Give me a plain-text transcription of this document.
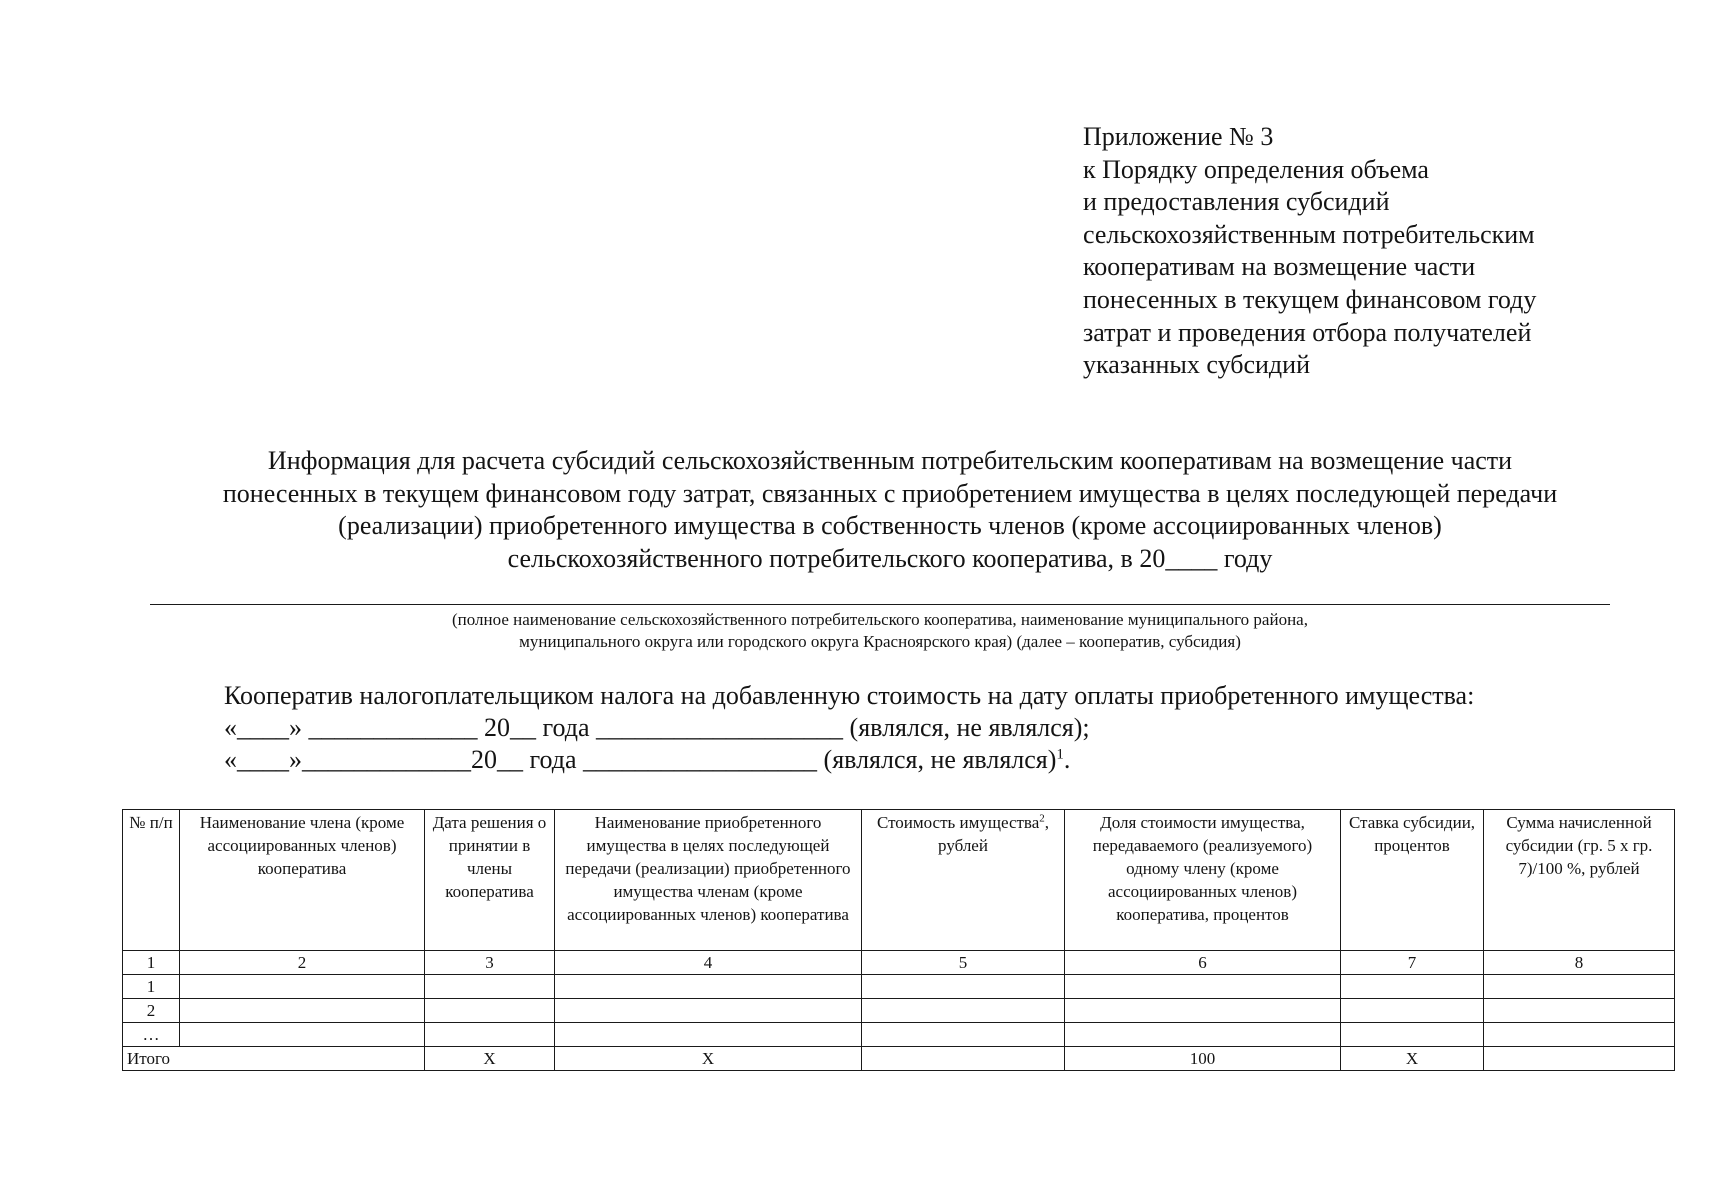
Приложение № 3
к Порядку определения объема
и предоставления субсидий
сельскохозяйственным потребительским
кооперативам на возмещение части
понесенных в текущем финансовом году
затрат и проведения отбора получателей
указанных субсидий
Информация для расчета субсидий сельскохозяйственным потребительским кооперативам на возмещение части
понесенных в текущем финансовом году затрат, связанных с приобретением имущества в целях последующей передачи
(реализации) приобретенного имущества в собственность членов (кроме ассоциированных членов)
сельскохозяйственного потребительского кооператива, в 20____ году
(полное наименование сельскохозяйственного потребительского кооператива, наименование муниципального района,
муниципального округа или городского округа Красноярского края) (далее – кооператив, субсидия)
Кооператив налогоплательщиком налога на добавленную стоимость на дату оплаты приобретенного имущества:
«____» _____________ 20__ года ___________________ (являлся, не являлся);
«____»_____________20__ года __________________ (являлся, не являлся)$^1$.
№ п/п	Наименование члена (кроме ассоциированных членов) кооператива	Дата решения о принятии в члены кооператива	Наименование приобретенного имущества в целях последующей передачи (реализации) приобретенного имущества членам (кроме ассоциированных членов) кооператива	Стоимость имущества$^2$, рублей	Доля стоимости имущества, передаваемого (реализуемого) одному члену (кроме ассоциированных членов) кооператива, процентов	Ставка субсидии, процентов	Сумма начисленной субсидии (гр. 5 х гр. 7)/100 %, рублей
1	2	3	4	5	6	7	8
1							
2							
…							
Итого		Х	Х		100	Х	
